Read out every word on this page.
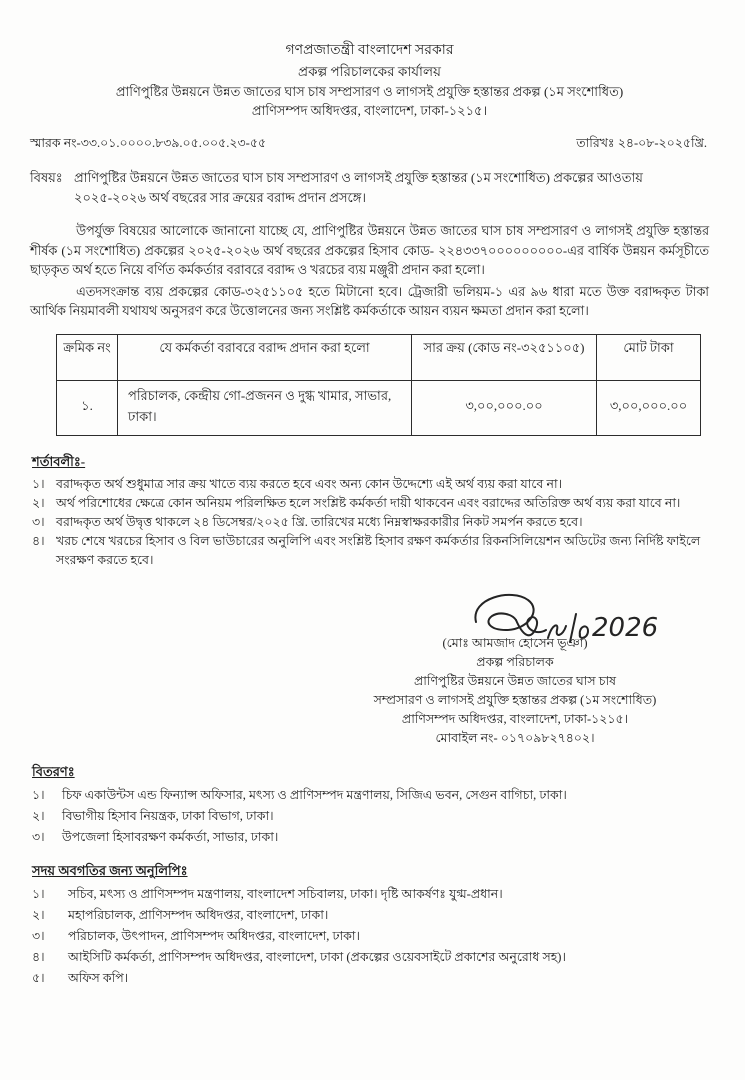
গণপ্রজাতন্ত্রী বাংলাদেশ সরকার
প্রকল্প পরিচালকের কার্যালয়
প্রাণিপুষ্টির উন্নয়নে উন্নত জাতের ঘাস চাষ সম্প্রসারণ ও লাগসই প্রযুক্তি হস্তান্তর প্রকল্প (১ম সংশোধিত)
প্রাণিসম্পদ অধিদপ্তর, বাংলাদেশ, ঢাকা-১২১৫।
স্মারক নং-৩৩.০১.০০০০.৮৩৯.০৫.০০৫.২৩-৫৫	তারিখঃ ২৪-০৮-২০২৫খ্রি.
বিষয়ঃ প্রাণিপুষ্টির উন্নয়নে উন্নত জাতের ঘাস চাষ সম্প্রসারণ ও লাগসই প্রযুক্তি হস্তান্তর (১ম সংশোধিত) প্রকল্পের আওতায় ২০২৫-২০২৬ অর্থ বছরের সার ক্রয়ের বরাদ্দ প্রদান প্রসঙ্গে।

উপর্যুক্ত বিষয়ের আলোকে জানানো যাচ্ছে যে, প্রাণিপুষ্টির উন্নয়নে উন্নত জাতের ঘাস চাষ সম্প্রসারণ ও লাগসই প্রযুক্তি হস্তান্তর শীর্ষক (১ম সংশোধিত) প্রকল্পের ২০২৫-২০২৬ অর্থ বছরের প্রকল্পের হিসাব কোড- ২২৪৩৩৭০০০০০০০০০-এর বার্ষিক উন্নয়ন কর্মসূচীতে ছাড়কৃত অর্থ হতে নিয়ে বর্ণিত কর্মকর্তার বরাবরে বরাদ্দ ও খরচের ব্যয় মঞ্জুরী প্রদান করা হলো।

এতদসংক্রান্ত ব্যয় প্রকল্পের কোড-৩২৫১১০৫ হতে মিটানো হবে। ট্রেজারী ভলিয়ম-১ এর ৯৬ ধারা মতে উক্ত বরাদ্দকৃত টাকা আর্থিক নিয়মাবলী যথাযথ অনুসরণ করে উত্তোলনের জন্য সংশ্লিষ্ট কর্মকর্তাকে আয়ন ব্যয়ন ক্ষমতা প্রদান করা হলো।

ক্রমিক নং	যে কর্মকর্তা বরাবরে বরাদ্দ প্রদান করা হলো	সার ক্রয় (কোড নং-৩২৫১১০৫)	মোট টাকা
১.	পরিচালক, কেন্দ্রীয় গো-প্রজনন ও দুগ্ধ খামার, সাভার, ঢাকা।	৩,০০,০০০.০০	৩,০০,০০০.০০
শর্তাবলীঃ-
১। বরাদ্দকৃত অর্থ শুধুমাত্র সার ক্রয় খাতে ব্যয় করতে হবে এবং অন্য কোন উদ্দেশ্যে এই অর্থ ব্যয় করা যাবে না।
২। অর্থ পরিশোধের ক্ষেত্রে কোন অনিয়ম পরিলক্ষিত হলে সংশ্লিষ্ট কর্মকর্তা দায়ী থাকবেন এবং বরাদ্দের অতিরিক্ত অর্থ ব্যয় করা যাবে না।
৩। বরাদ্দকৃত অর্থ উদ্বৃত্ত থাকলে ২৪ ডিসেম্বর/২০২৫ খ্রি. তারিখের মধ্যে নিম্নস্বাক্ষরকারীর নিকট সমর্পন করতে হবে।
৪। খরচ শেষে খরচের হিসাব ও বিল ভাউচারের অনুলিপি এবং সংশ্লিষ্ট হিসাব রক্ষণ কর্মকর্তার রিকনসিলিয়েশন অডিটের জন্য নির্দিষ্ট ফাইলে সংরক্ষণ করতে হবে।
2026
(মোঃ আমজাদ হোসেন ভূঞা)
প্রকল্প পরিচালক
প্রাণিপুষ্টির উন্নয়নে উন্নত জাতের ঘাস চাষ
সম্প্রসারণ ও লাগসই প্রযুক্তি হস্তান্তর প্রকল্প (১ম সংশোধিত)
প্রাণিসম্পদ অধিদপ্তর, বাংলাদেশ, ঢাকা-১২১৫।
মোবাইল নং- ০১৭০৯৮২৭৪০২।
বিতরণঃ
১।	চিফ একাউন্টস এন্ড ফিন্যান্স অফিসার, মৎস্য ও প্রাণিসম্পদ মন্ত্রণালয়, সিজিএ ভবন, সেগুন বাগিচা, ঢাকা।
২।	বিভাগীয় হিসাব নিয়ন্ত্রক, ঢাকা বিভাগ, ঢাকা।
৩।	উপজেলা হিসাবরক্ষণ কর্মকর্তা, সাভার, ঢাকা।
সদয় অবগতির জন্য অনুলিপিঃ
১।	সচিব, মৎস্য ও প্রাণিসম্পদ মন্ত্রণালয়, বাংলাদেশ সচিবালয়, ঢাকা। দৃষ্টি আকর্ষণঃ যুগ্ম-প্রধান।
২।	মহাপরিচালক, প্রাণিসম্পদ অধিদপ্তর, বাংলাদেশ, ঢাকা।
৩।	পরিচালক, উৎপাদন, প্রাণিসম্পদ অধিদপ্তর, বাংলাদেশ, ঢাকা।
৪।	আইসিটি কর্মকর্তা, প্রাণিসম্পদ অধিদপ্তর, বাংলাদেশ, ঢাকা (প্রকল্পের ওয়েবসাইটে প্রকাশের অনুরোধ সহ)।
৫।	অফিস কপি।
